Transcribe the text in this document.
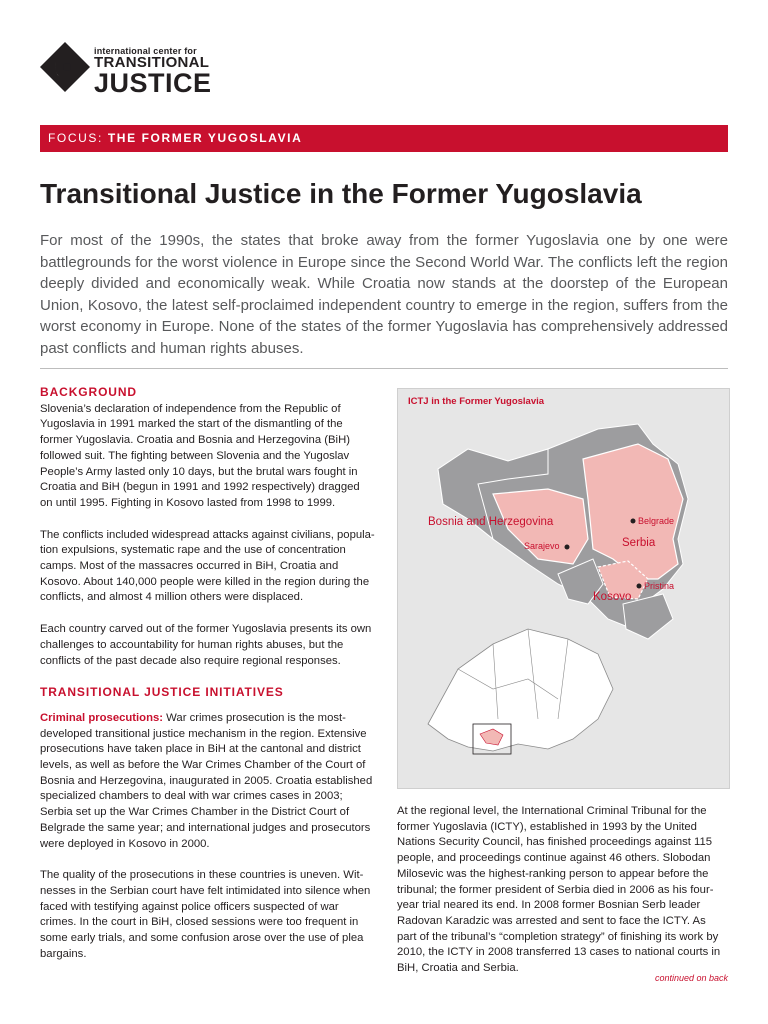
international center for
TRANSITIONAL
JUSTICE
FOCUS: THE FORMER YUGOSLAVIA
Transitional Justice in the Former Yugoslavia

For most of the 1990s, the states that broke away from the former Yugoslavia one by one were battlegrounds for the worst violence in Europe since the Second World War. The conflicts left the region deeply divided and economically weak. While Croatia now stands at the doorstep of the European Union, Kosovo, the latest self-proclaimed independent country to emerge in the region, suffers from the worst economy in Europe. None of the states of the former Yugoslavia has comprehensively addressed past conflicts and human rights abuses.

BACKGROUND

Slovenia’s declaration of independence from the Republic of Yugoslavia in 1991 marked the start of the dismantling of the former Yugoslavia. Croatia and Bosnia and Herzegovina (BiH) followed suit. The fighting between Slovenia and the Yugoslav People’s Army lasted only 10 days, but the brutal wars fought in Croatia and BiH (begun in 1991 and 1992 respectively) dragged on until 1995. Fighting in Kosovo lasted from 1998 to 1999.

The conflicts included widespread attacks against civilians, popula-tion expulsions, systematic rape and the use of concentration camps. Most of the massacres occurred in BiH, Croatia and Kosovo. About 140,000 people were killed in the region during the conflicts, and almost 4 million others were displaced.

Each country carved out of the former Yugoslavia presents its own challenges to accountability for human rights abuses, but the conflicts of the past decade also require regional responses.

TRANSITIONAL JUSTICE INITIATIVES

Criminal prosecutions: War crimes prosecution is the most-developed transitional justice mechanism in the region. Extensive prosecutions have taken place in BiH at the cantonal and district levels, as well as before the War Crimes Chamber of the Court of Bosnia and Herzegovina, inaugurated in 2005. Croatia established specialized chambers to deal with war crimes cases in 2003; Serbia set up the War Crimes Chamber in the District Court of Belgrade the same year; and international judges and prosecutors were deployed in Kosovo in 2000.

The quality of the prosecutions in these countries is uneven. Wit-nesses in the Serbian court have felt intimidated into silence when faced with testifying against police officers suspected of war crimes. In the court in BiH, closed sessions were too frequent in some early trials, and some confusion arose over the use of plea bargains.

ICTJ in the Former Yugoslavia
Bosnia and Herzegovina
Serbia
Kosovo
Belgrade
Sarajevo
Pristina

At the regional level, the International Criminal Tribunal for the former Yugoslavia (ICTY), established in 1993 by the United Nations Security Council, has finished proceedings against 115 people, and proceedings continue against 46 others. Slobodan Milosevic was the highest-ranking person to appear before the tribunal; the former president of Serbia died in 2006 as his four-year trial neared its end. In 2008 former Bosnian Serb leader Radovan Karadzic was arrested and sent to face the ICTY. As part of the tribunal’s “completion strategy” of finishing its work by 2010, the ICTY in 2008 transferred 13 cases to national courts in BiH, Croatia and Serbia.

continued on back
